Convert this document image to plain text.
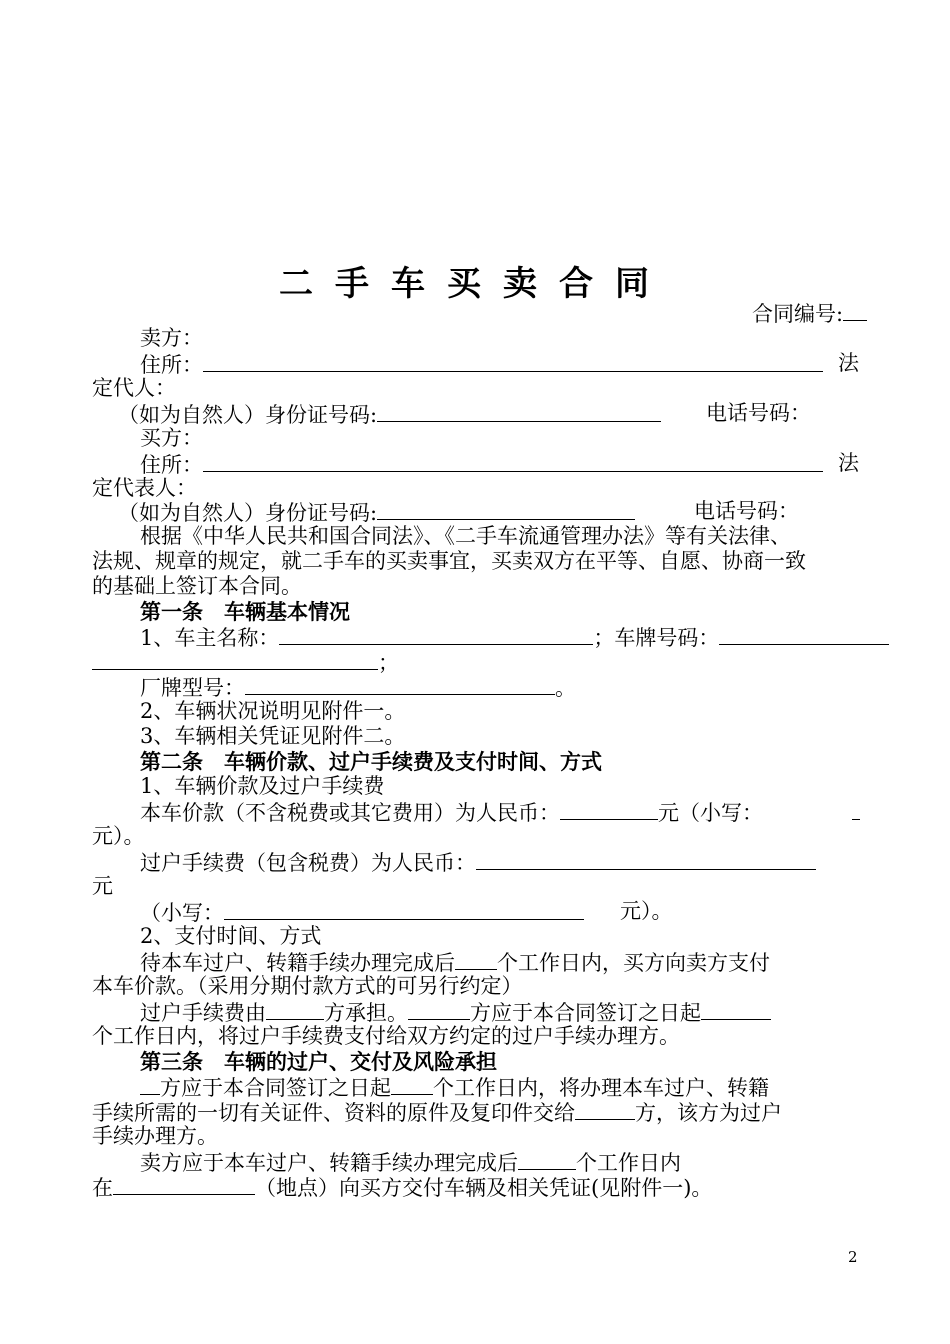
二手车买卖合同
合同编号:
卖方：
住所：	法
定代人：
（如为自然人）身份证号码:	电话号码：
买方：
住所：	法
定代表人：
（如为自然人）身份证号码:	电话号码：
根据《中华人民共和国合同法》、《二手车流通管理办法》等有关法律、
法规、规章的规定，就二手车的买卖事宜，买卖双方在平等、自愿、协商一致
的基础上签订本合同。
第一条　车辆基本情况
1、车主名称：	；车牌号码：
；
厂牌型号：	。
2、车辆状况说明见附件一。
3、车辆相关凭证见附件二。
第二条　车辆价款、过户手续费及支付时间、方式
1、车辆价款及过户手续费
本车价款（不含税费或其它费用）为人民币：	元（小写：
元）。
过户手续费（包含税费）为人民币：
元
（小写：	元）。
2、支付时间、方式
待本车过户、转籍手续办理完成后 个工作日内，买方向卖方支付
本车价款。（采用分期付款方式的可另行约定）
过户手续费由	方承担。	方应于本合同签订之日起
个工作日内，将过户手续费支付给双方约定的过户手续办理方。
第三条　车辆的过户、交付及风险承担
方应于本合同签订之日起 个工作日内，将办理本车过户、转籍
手续所需的一切有关证件、资料的原件及复印件交给	方，该方为过户
手续办理方。
卖方应于本车过户、转籍手续办理完成后	个工作日内
在	（地点）向买方交付车辆及相关凭证(见附件一)。
2
